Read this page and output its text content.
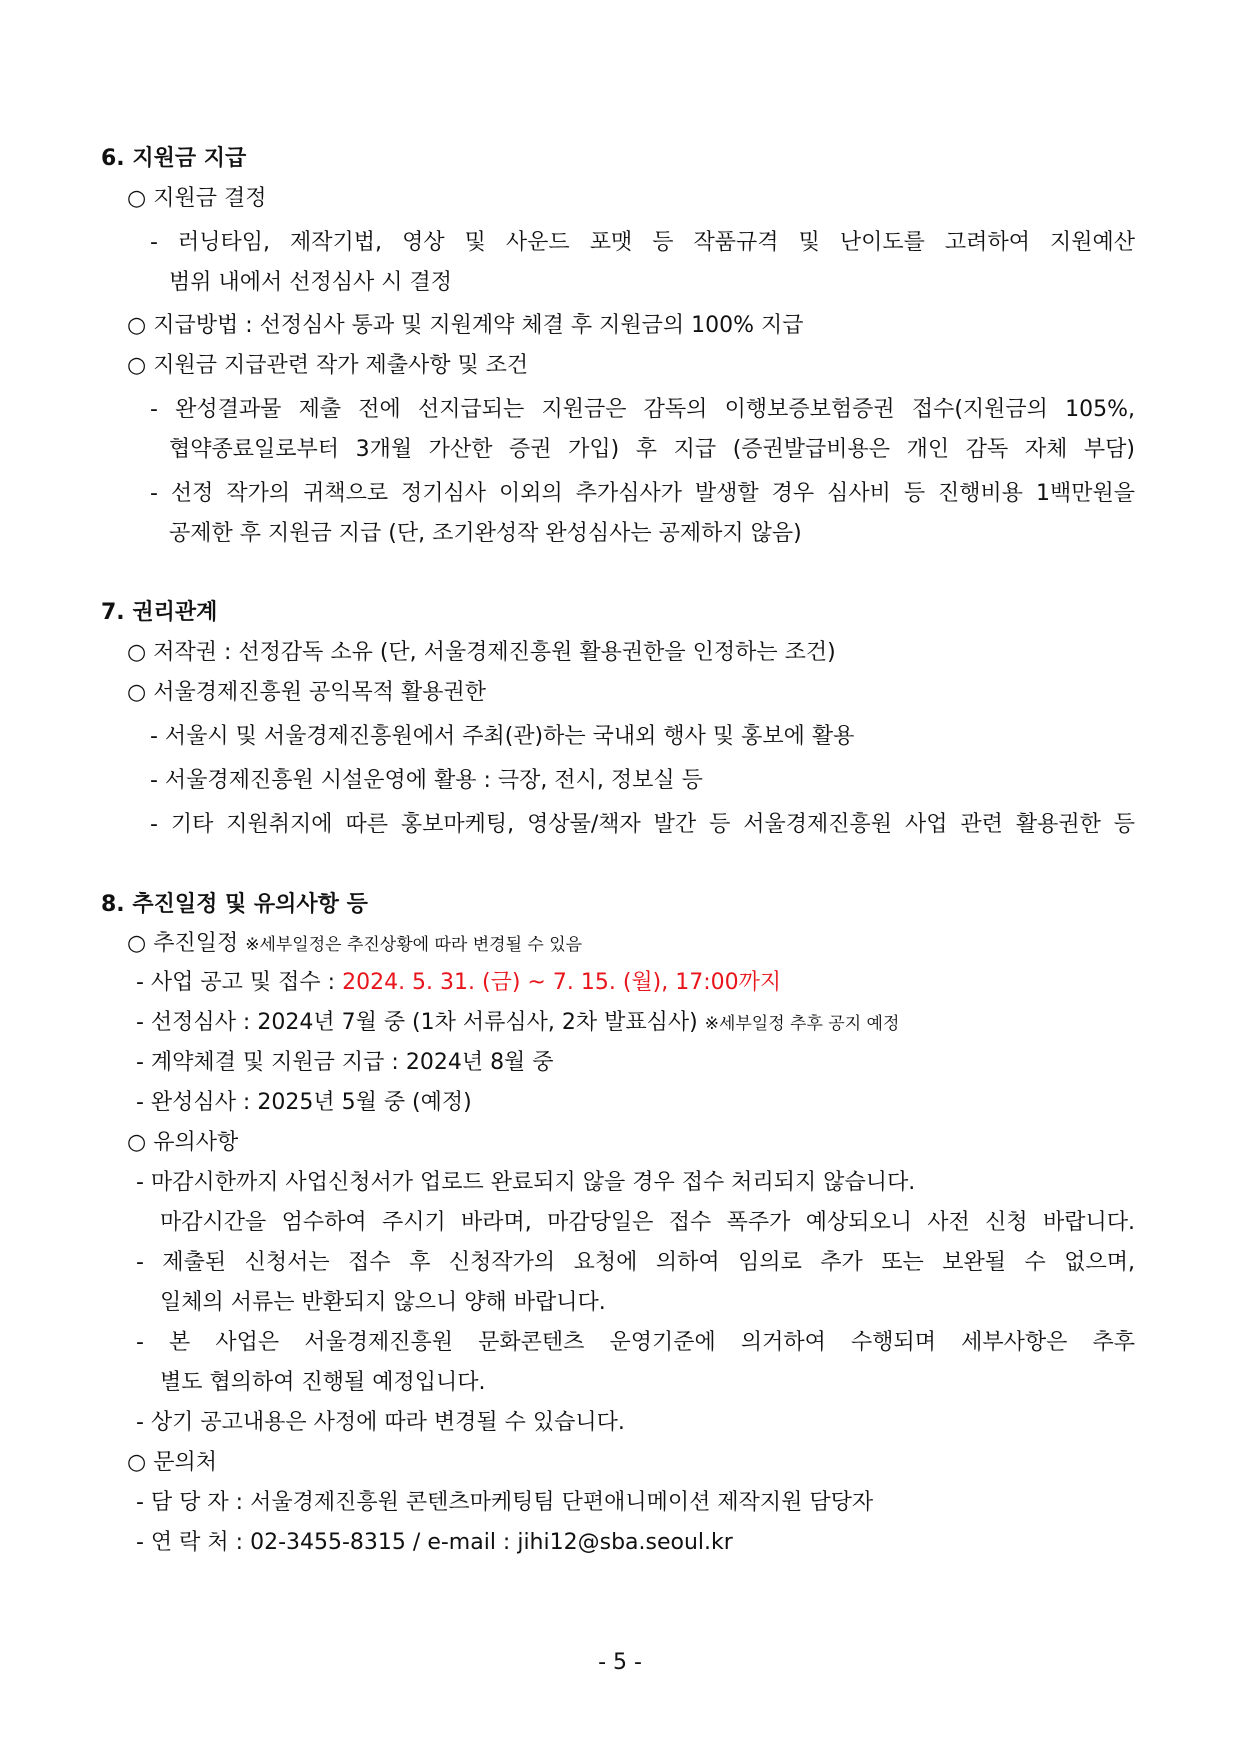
6. 지원금 지급
○ 지원금 결정
- 러닝타임, 제작기법, 영상 및 사운드 포맷 등 작품규격 및 난이도를 고려하여 지원예산
범위 내에서 선정심사 시 결정
○ 지급방법 : 선정심사 통과 및 지원계약 체결 후 지원금의 100% 지급
○ 지원금 지급관련 작가 제출사항 및 조건
- 완성결과물 제출 전에 선지급되는 지원금은 감독의 이행보증보험증권 접수(지원금의 105%,
협약종료일로부터 3개월 가산한 증권 가입) 후 지급 (증권발급비용은 개인 감독 자체 부담)
- 선정 작가의 귀책으로 정기심사 이외의 추가심사가 발생할 경우 심사비 등 진행비용 1백만원을
공제한 후 지원금 지급 (단, 조기완성작 완성심사는 공제하지 않음)
7. 권리관계
○ 저작권 : 선정감독 소유 (단, 서울경제진흥원 활용권한을 인정하는 조건)
○ 서울경제진흥원 공익목적 활용권한
- 서울시 및 서울경제진흥원에서 주최(관)하는 국내외 행사 및 홍보에 활용
- 서울경제진흥원 시설운영에 활용 : 극장, 전시, 정보실 등
- 기타 지원취지에 따른 홍보마케팅, 영상물/책자 발간 등 서울경제진흥원 사업 관련 활용권한 등
8. 추진일정 및 유의사항 등
○ 추진일정 ※세부일정은 추진상황에 따라 변경될 수 있음
- 사업 공고 및 접수 : 2024. 5. 31. (금) ~ 7. 15. (월), 17:00까지
- 선정심사 : 2024년 7월 중 (1차 서류심사, 2차 발표심사) ※세부일정 추후 공지 예정
- 계약체결 및 지원금 지급 : 2024년 8월 중
- 완성심사 : 2025년 5월 중 (예정)
○ 유의사항
- 마감시한까지 사업신청서가 업로드 완료되지 않을 경우 접수 처리되지 않습니다.
마감시간을 엄수하여 주시기 바라며, 마감당일은 접수 폭주가 예상되오니 사전 신청 바랍니다.
- 제출된 신청서는 접수 후 신청작가의 요청에 의하여 임의로 추가 또는 보완될 수 없으며,
일체의 서류는 반환되지 않으니 양해 바랍니다.
- 본 사업은 서울경제진흥원 문화콘텐츠 운영기준에 의거하여 수행되며 세부사항은 추후
별도 협의하여 진행될 예정입니다.
- 상기 공고내용은 사정에 따라 변경될 수 있습니다.
○ 문의처
- 담 당 자 : 서울경제진흥원 콘텐츠마케팅팀 단편애니메이션 제작지원 담당자
- 연 락 처 : 02-3455-8315 / e-mail : jihi12@sba.seoul.kr
- 5 -
